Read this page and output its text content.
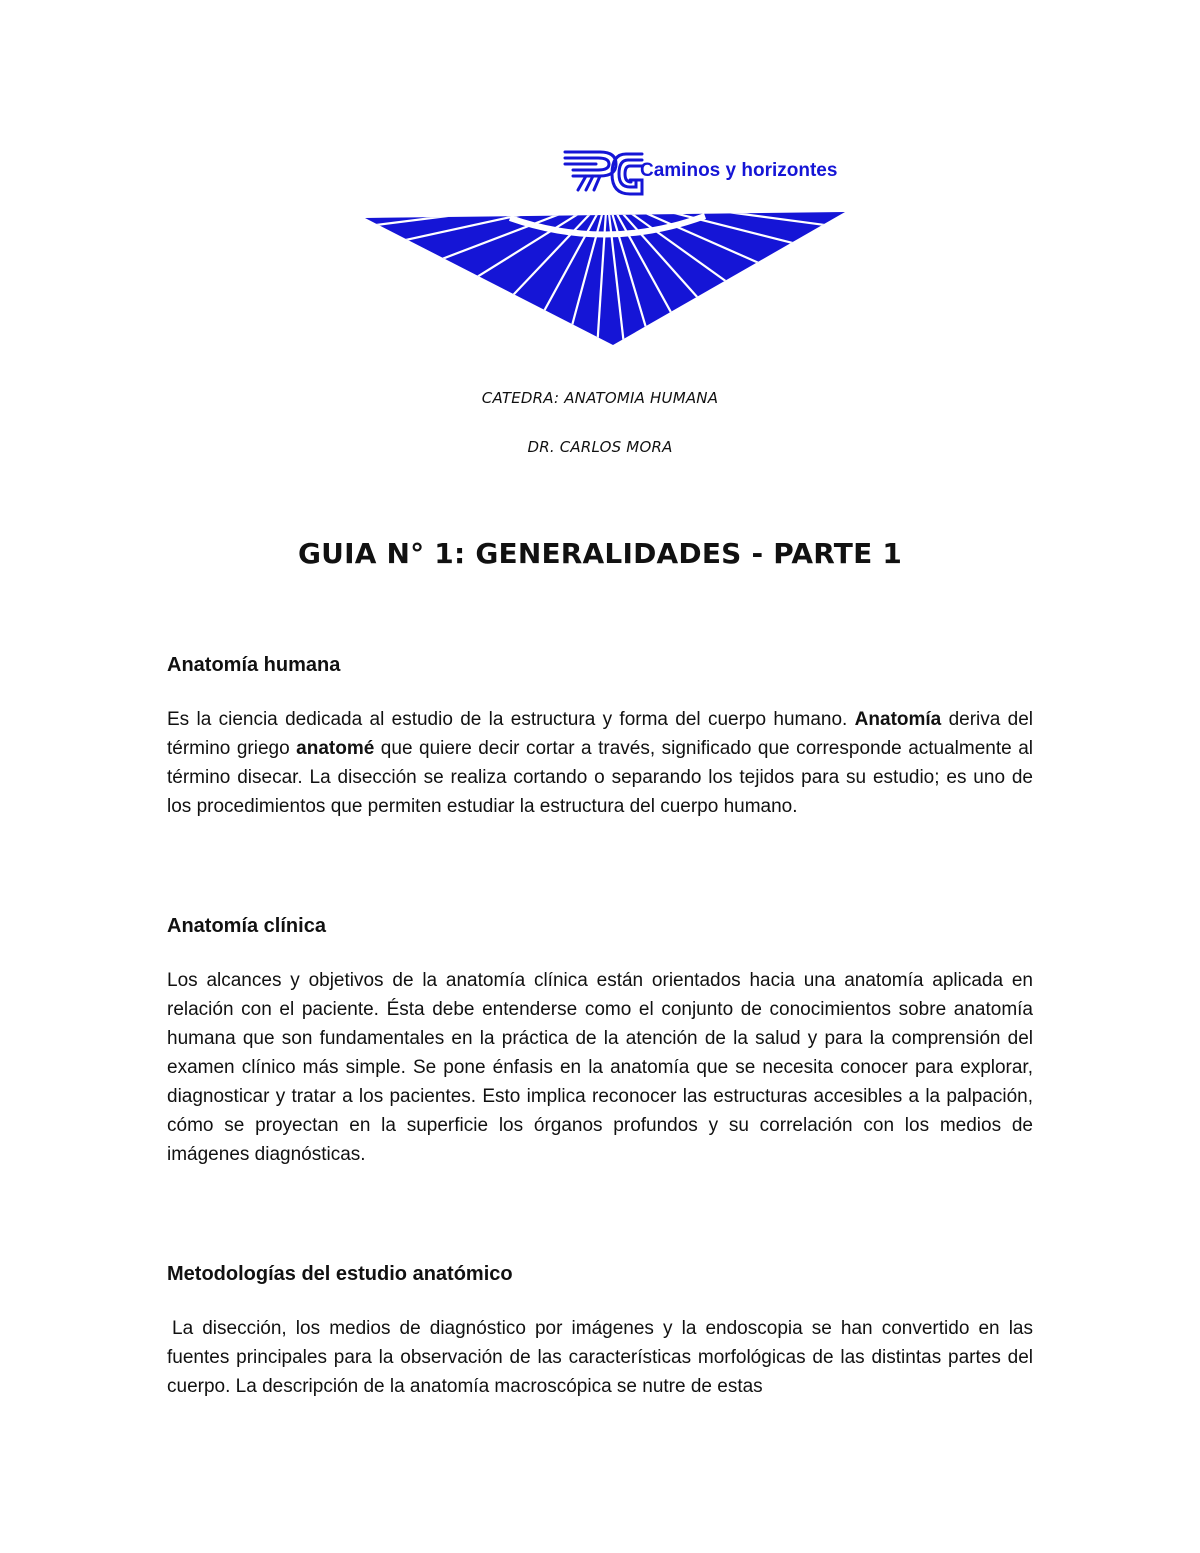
Caminos y horizontes
CATEDRA: ANATOMIA HUMANA
DR. CARLOS MORA
GUIA N° 1: GENERALIDADES - PARTE 1
Anatomía humana

Es la ciencia dedicada al estudio de la estructura y forma del cuerpo humano. Anatomía deriva del término griego anatomé que quiere decir cortar a través, significado que corresponde actualmente al término disecar. La disección se realiza cortando o separando los tejidos para su estudio; es uno de los procedimientos que permiten estudiar la estructura del cuerpo humano.

Anatomía clínica

Los alcances y objetivos de la anatomía clínica están orientados hacia una anatomía aplicada en relación con el paciente. Ésta debe entenderse como el conjunto de conocimientos sobre anatomía humana que son fundamentales en la práctica de la atención de la salud y para la comprensión del examen clínico más simple. Se pone énfasis en la anatomía que se necesita conocer para explorar, diagnosticar y tratar a los pacientes. Esto implica reconocer las estructuras accesibles a la palpación, cómo se proyectan en la superficie los órganos profundos y su correlación con los medios de imágenes diagnósticas.

Metodologías del estudio anatómico

La disección, los medios de diagnóstico por imágenes y la endoscopia se han convertido en las fuentes principales para la observación de las características morfológicas de las distintas partes del cuerpo. La descripción de la anatomía macroscópica se nutre de estas
